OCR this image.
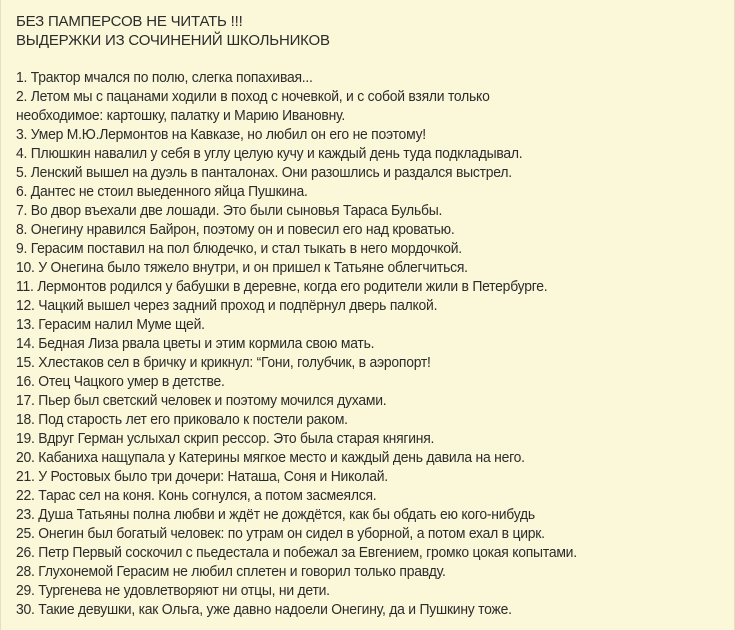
БЕЗ ПАМПЕРСОВ НЕ ЧИТАТЬ !!!
ВЫДЕРЖКИ ИЗ СОЧИНЕНИЙ ШКОЛЬНИКОВ
1. Трактор мчался по полю, слегка попахивая...
2. Летом мы с пацанами ходили в поход с ночевкой, и с собой взяли только
необходимое: картошку, палатку и Марию Ивановну.
3. Умер М.Ю.Лермонтов на Кавказе, но любил он его не поэтому!
4. Плюшкин навалил у себя в углу целую кучу и каждый день туда подкладывал.
5. Ленский вышел на дуэль в панталонах. Они разошлись и раздался выстрел.
6. Дантес не стоил выеденного яйца Пушкина.
7. Во двор въехали две лошади. Это были сыновья Тараса Бульбы.
8. Онегину нравился Байрон, поэтому он и повесил его над кроватью.
9. Герасим поставил на пол блюдечко, и стал тыкать в него мордочкой.
10. У Онегина было тяжело внутри, и он пришел к Татьяне облегчиться.
11. Лермонтов родился у бабушки в деревне, когда его родители жили в Петербурге.
12. Чацкий вышел через задний проход и подпёрнул дверь палкой.
13. Герасим налил Муме щей.
14. Бедная Лиза рвала цветы и этим кормила свою мать.
15. Хлестаков сел в бричку и крикнул: “Гони, голубчик, в аэропорт!
16. Отец Чацкого умер в детстве.
17. Пьер был светский человек и поэтому мочился духами.
18. Под старость лет его приковало к постели раком.
19. Вдруг Герман услыхал скрип рессор. Это была старая княгиня.
20. Кабаниха нащупала у Катерины мягкое место и каждый день давила на него.
21. У Ростовых было три дочери: Наташа, Соня и Николай.
22. Тарас сел на коня. Конь согнулся, а потом засмеялся.
23. Душа Татьяны полна любви и ждёт не дождётся, как бы обдать ею кого-нибудь
25. Онегин был богатый человек: по утрам он сидел в уборной, а потом ехал в цирк.
26. Петр Первый соскочил с пьедестала и побежал за Евгением, громко цокая копытами.
28. Глухонемой Герасим не любил сплетен и говорил только правду.
29. Тургенева не удовлетворяют ни отцы, ни дети.
30. Такие девушки, как Ольга, уже давно надоели Онегину, да и Пушкину тоже.
